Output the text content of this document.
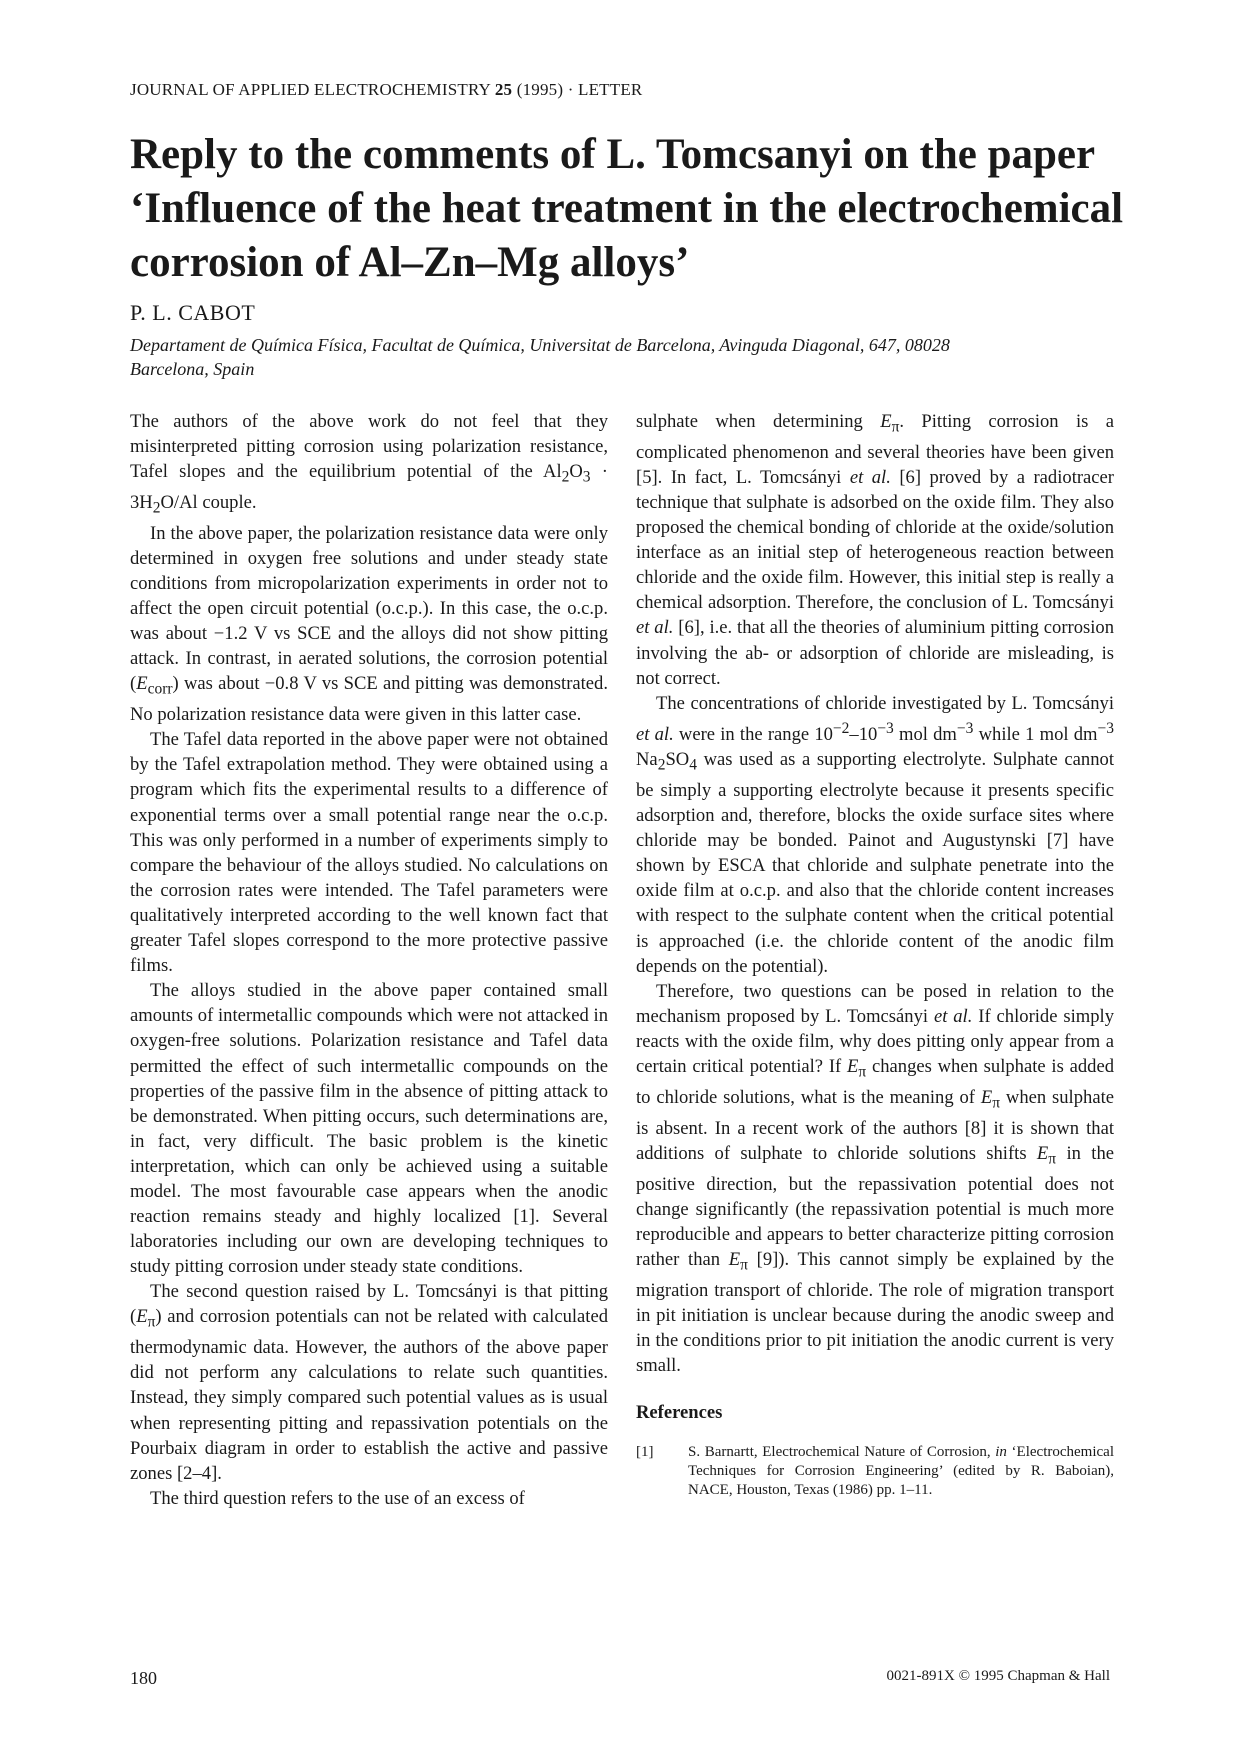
JOURNAL OF APPLIED ELECTROCHEMISTRY 25 (1995) · LETTER
Reply to the comments of L. Tomcsanyi on the paper
‘Influence of the heat treatment in the electrochemical
corrosion of Al–Zn–Mg alloys’
P. L. CABOT
Departament de Química Física, Facultat de Química, Universitat de Barcelona, Avinguda Diagonal, 647, 08028
Barcelona, Spain

The authors of the above work do not feel that they misinterpreted pitting corrosion using polarization resistance, Tafel slopes and the equilibrium potential of the $Al_2O_3 \cdot 3H_2O/Al$ couple.

In the above paper, the polarization resistance data were only determined in oxygen free solutions and under steady state conditions from micropolarization experiments in order not to affect the open circuit potential (o.c.p.). In this case, the o.c.p. was about −1.2 V vs SCE and the alloys did not show pitting attack. In contrast, in aerated solutions, the corrosion potential $(E_{corr})$ was about −0.8 V vs SCE and pitting was demonstrated. No polarization resistance data were given in this latter case.

The Tafel data reported in the above paper were not obtained by the Tafel extrapolation method. They were obtained using a program which fits the experimental results to a difference of exponential terms over a small potential range near the o.c.p. This was only performed in a number of experiments simply to compare the behaviour of the alloys studied. No calculations on the corrosion rates were intended. The Tafel parameters were qualitatively interpreted according to the well known fact that greater Tafel slopes correspond to the more protective passive films.

The alloys studied in the above paper contained small amounts of intermetallic compounds which were not attacked in oxygen-free solutions. Polarization resistance and Tafel data permitted the effect of such intermetallic compounds on the properties of the passive film in the absence of pitting attack to be demonstrated. When pitting occurs, such determinations are, in fact, very difficult. The basic problem is the kinetic interpretation, which can only be achieved using a suitable model. The most favourable case appears when the anodic reaction remains steady and highly localized [1]. Several laboratories including our own are developing techniques to study pitting corrosion under steady state conditions.

The second question raised by L. Tomcsányi is that pitting $(E_\pi)$ and corrosion potentials can not be related with calculated thermodynamic data. However, the authors of the above paper did not perform any calculations to relate such quantities. Instead, they simply compared such potential values as is usual when representing pitting and repassivation potentials on the Pourbaix diagram in order to establish the active and passive zones [2–4].

The third question refers to the use of an excess of

sulphate when determining $E_\pi$. Pitting corrosion is a complicated phenomenon and several theories have been given [5]. In fact, L. Tomcsányi et al. [6] proved by a radiotracer technique that sulphate is adsorbed on the oxide film. They also proposed the chemical bonding of chloride at the oxide/solution interface as an initial step of heterogeneous reaction between chloride and the oxide film. However, this initial step is really a chemical adsorption. Therefore, the conclusion of L. Tomcsányi et al. [6], i.e. that all the theories of aluminium pitting corrosion involving the ab- or adsorption of chloride are misleading, is not correct.

The concentrations of chloride investigated by L. Tomcsányi et al. were in the range $10^{-2}-10^{-3}$ mol $dm^{-3}$ while 1 mol $dm^{-3}$ $Na_2SO_4$ was used as a supporting electrolyte. Sulphate cannot be simply a supporting electrolyte because it presents specific adsorption and, therefore, blocks the oxide surface sites where chloride may be bonded. Painot and Augustynski [7] have shown by ESCA that chloride and sulphate penetrate into the oxide film at o.c.p. and also that the chloride content increases with respect to the sulphate content when the critical potential is approached (i.e. the chloride content of the anodic film depends on the potential).

Therefore, two questions can be posed in relation to the mechanism proposed by L. Tomcsányi et al. If chloride simply reacts with the oxide film, why does pitting only appear from a certain critical potential? If $E_\pi$ changes when sulphate is added to chloride solutions, what is the meaning of $E_\pi$ when sulphate is absent. In a recent work of the authors [8] it is shown that additions of sulphate to chloride solutions shifts $E_\pi$ in the positive direction, but the repassivation potential does not change significantly (the repassivation potential is much more reproducible and appears to better characterize pitting corrosion rather than $E_\pi$ [9]). This cannot simply be explained by the migration transport of chloride. The role of migration transport in pit initiation is unclear because during the anodic sweep and in the conditions prior to pit initiation the anodic current is very small.

References
[1]	S. Barnartt, Electrochemical Nature of Corrosion, in ‘Electrochemical Techniques for Corrosion Engineering’ (edited by R. Baboian), NACE, Houston, Texas (1986) pp. 1–11.
180	0021-891X © 1995 Chapman & Hall
